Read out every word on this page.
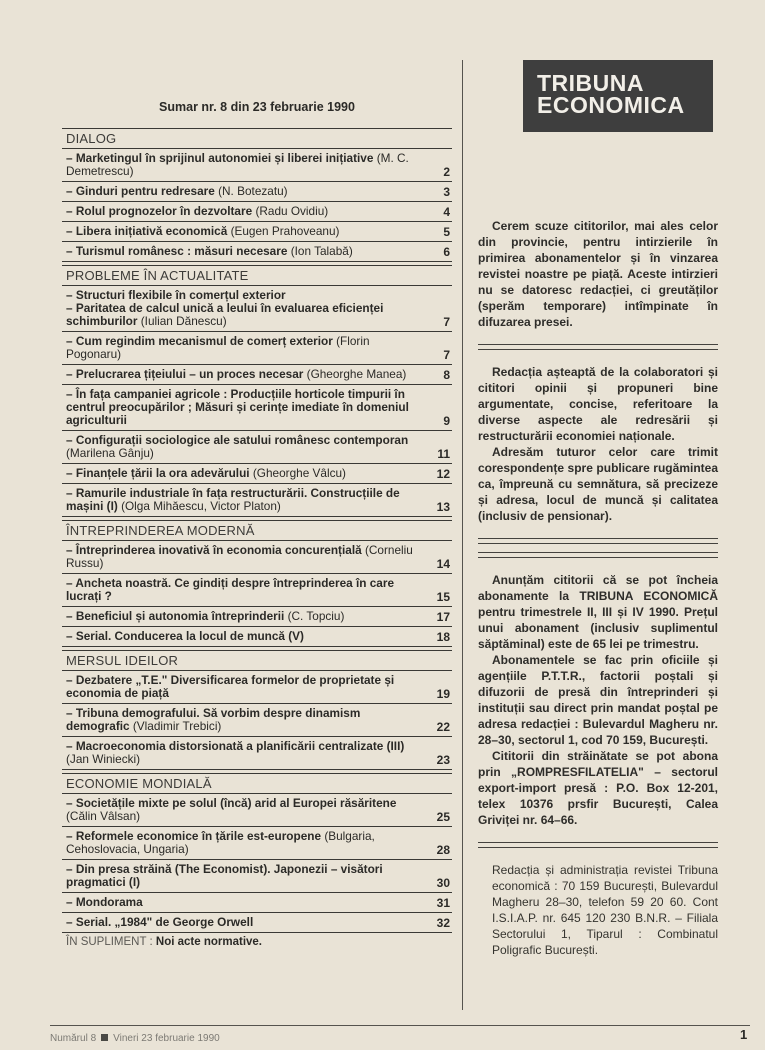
Sumar nr. 8 din 23 februarie 1990
DIALOG
– Marketingul în sprijinul autonomiei și liberei inițiative (M. C. Demetrescu)	2
– Ginduri pentru redresare (N. Botezatu)	3
– Rolul prognozelor în dezvoltare (Radu Ovidiu)	4
– Libera inițiativă economică (Eugen Prahoveanu)	5
– Turismul românesc : măsuri necesare (Ion Talabă)	6
PROBLEME ÎN ACTUALITATE
– Structuri flexibile în comerțul exterior
– Paritatea de calcul unică a leului în evaluarea eficienței schimburilor (Iulian Dănescu)	7
– Cum regindim mecanismul de comerț exterior (Florin Pogonaru)	7
– Prelucrarea țițeiului – un proces necesar (Gheorghe Manea)	8
– În fața campaniei agricole : Producțiile horticole timpurii în centrul preocupărilor ; Măsuri și cerințe imediate în domeniul agriculturii	9
– Configurații sociologice ale satului românesc contemporan (Marilena Gânju)	11
– Finanțele țării la ora adevărului (Gheorghe Vâlcu)	12
– Ramurile industriale în fața restructurării. Construcțiile de mașini (I) (Olga Mihăescu, Victor Platon)	13
ÎNTREPRINDEREA MODERNĂ
– Întreprinderea inovativă în economia concurențială (Corneliu Russu)	14
– Ancheta noastră. Ce gindiți despre întreprinderea în care lucrați ?	15
– Beneficiul și autonomia întreprinderii (C. Topciu)	17
– Serial. Conducerea la locul de muncă (V)	18
MERSUL IDEILOR
– Dezbatere „T.E." Diversificarea formelor de proprietate și economia de piață	19
– Tribuna demografului. Să vorbim despre dinamism demografic (Vladimir Trebici)	22
– Macroeconomia distorsionată a planificării centralizate (III) (Jan Winiecki)	23
ECONOMIE MONDIALĂ
– Societățile mixte pe solul (încă) arid al Europei răsăritene (Călin Vâlsan)	25
– Reformele economice în țările est-europene (Bulgaria, Cehoslovacia, Ungaria)	28
– Din presa străină (The Economist). Japonezii – visători pragmatici (I)	30
– Mondorama	31
– Serial. „1984" de George Orwell	32
ÎN SUPLIMENT : Noi acte normative.
TRIBUNA
ECONOMICA

Cerem scuze cititorilor, mai ales celor din provincie, pentru intirzierile în primirea abonamentelor și în vinzarea revistei noastre pe piață. Aceste intirzieri nu se datoresc redacției, ci greutăților (sperăm temporare) intîmpinate în difuzarea presei.

Redacția așteaptă de la colaboratori și cititori opinii și propuneri bine argumentate, concise, referitoare la diverse aspecte ale redresării și restructurării economiei naționale.

Adresăm tuturor celor care trimit corespondențe spre publicare rugămintea ca, împreună cu semnătura, să precizeze și adresa, locul de muncă și calitatea (inclusiv de pensionar).

Anunțăm cititorii că se pot încheia abonamente la TRIBUNA ECONOMICĂ pentru trimestrele II, III și IV 1990. Prețul unui abonament (inclusiv suplimentul săptăminal) este de 65 lei pe trimestru.

Abonamentele se fac prin oficiile și agențiile P.T.T.R., factorii poștali și difuzorii de presă din întreprinderi și instituții sau direct prin mandat poștal pe adresa redacției : Bulevardul Magheru nr. 28–30, sectorul 1, cod 70 159, București.

Cititorii din străinătate se pot abona prin „ROMPRESFILATELIA" – sectorul export-import presă : P.O. Box 12-201, telex 10376 prsfir București, Calea Griviței nr. 64–66.

Redacția și administrația revistei Tribuna economică : 70 159 București, Bulevardul Magheru 28–30, telefon 59 20 60. Cont I.S.I.A.P. nr. 645 120 230 B.N.R. – Filiala Sectorului 1, Tiparul : Combinatul Poligrafic București.
Numărul 8 Vineri 23 februarie 1990	1
